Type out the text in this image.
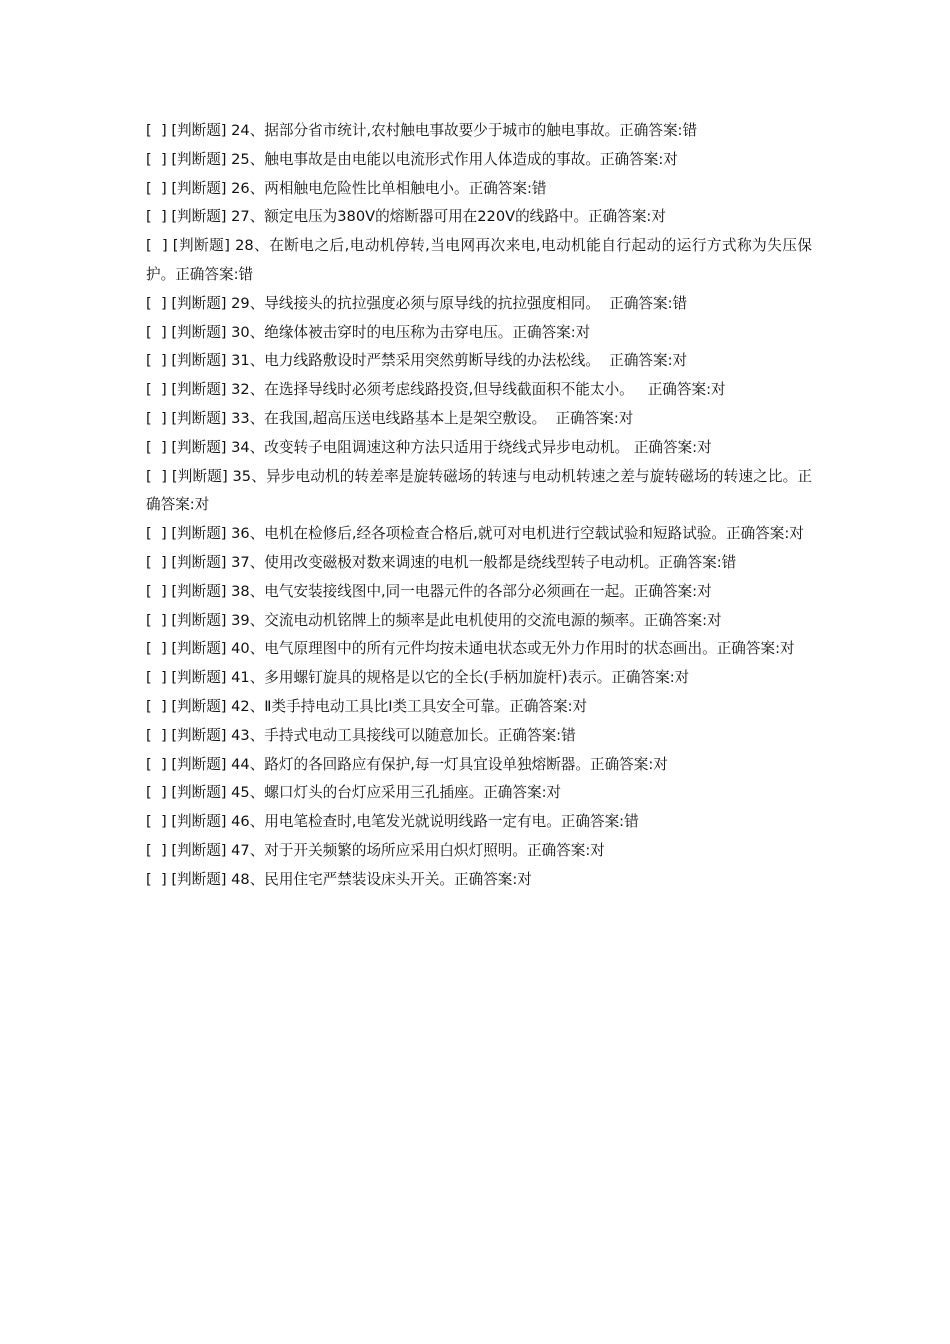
[  ] [判断题] 24、据部分省市统计,农村触电事故要少于城市的触电事故。正确答案:错
[  ] [判断题] 25、触电事故是由电能以电流形式作用人体造成的事故。正确答案:对
[  ] [判断题] 26、两相触电危险性比单相触电小。正确答案:错
[  ] [判断题] 27、额定电压为380V的熔断器可用在220V的线路中。正确答案:对
[  ] [判断题] 28、在断电之后,电动机停转,当电网再次来电,电动机能自行起动的运行方式称为失压保护。正确答案:错
[  ] [判断题] 29、导线接头的抗拉强度必须与原导线的抗拉强度相同。  正确答案:错
[  ] [判断题] 30、绝缘体被击穿时的电压称为击穿电压。正确答案:对
[  ] [判断题] 31、电力线路敷设时严禁采用突然剪断导线的办法松线。  正确答案:对
[  ] [判断题] 32、在选择导线时必须考虑线路投资,但导线截面积不能太小。   正确答案:对
[  ] [判断题] 33、在我国,超高压送电线路基本上是架空敷设。  正确答案:对
[  ] [判断题] 34、改变转子电阻调速这种方法只适用于绕线式异步电动机。 正确答案:对
[  ] [判断题] 35、异步电动机的转差率是旋转磁场的转速与电动机转速之差与旋转磁场的转速之比。正确答案:对
[  ] [判断题] 36、电机在检修后,经各项检查合格后,就可对电机进行空载试验和短路试验。正确答案:对
[  ] [判断题] 37、使用改变磁极对数来调速的电机一般都是绕线型转子电动机。正确答案:错
[  ] [判断题] 38、电气安装接线图中,同一电器元件的各部分必须画在一起。正确答案:对
[  ] [判断题] 39、交流电动机铭牌上的频率是此电机使用的交流电源的频率。正确答案:对
[  ] [判断题] 40、电气原理图中的所有元件均按未通电状态或无外力作用时的状态画出。正确答案:对
[  ] [判断题] 41、多用螺钉旋具的规格是以它的全长(手柄加旋杆)表示。正确答案:对
[  ] [判断题] 42、Ⅱ类手持电动工具比Ⅰ类工具安全可靠。正确答案:对
[  ] [判断题] 43、手持式电动工具接线可以随意加长。正确答案:错
[  ] [判断题] 44、路灯的各回路应有保护,每一灯具宜设单独熔断器。正确答案:对
[  ] [判断题] 45、螺口灯头的台灯应采用三孔插座。正确答案:对
[  ] [判断题] 46、用电笔检查时,电笔发光就说明线路一定有电。正确答案:错
[  ] [判断题] 47、对于开关频繁的场所应采用白炽灯照明。正确答案:对
[  ] [判断题] 48、民用住宅严禁装设床头开关。正确答案:对
